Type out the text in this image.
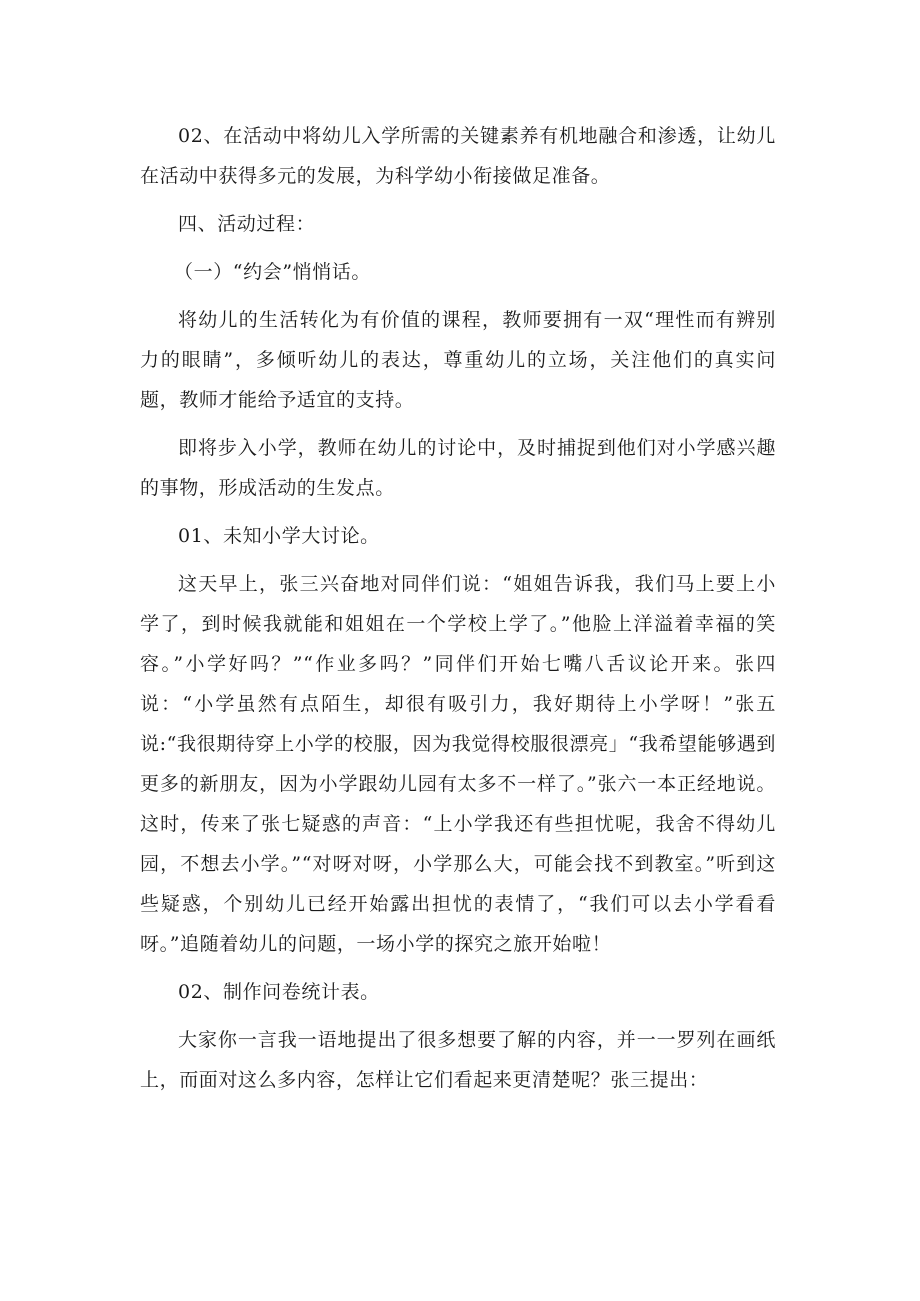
02、在活动中将幼儿入学所需的关键素养有机地融合和渗透，让幼儿在活动中获得多元的发展，为科学幼小衔接做足准备。

四、活动过程：

（一）“约会”悄悄话。

将幼儿的生活转化为有价值的课程，教师要拥有一双“理性而有辨别力的眼睛”，多倾听幼儿的表达，尊重幼儿的立场，关注他们的真实问题，教师才能给予适宜的支持。

即将步入小学，教师在幼儿的讨论中，及时捕捉到他们对小学感兴趣的事物，形成活动的生发点。

01、未知小学大讨论。

这天早上，张三兴奋地对同伴们说：“姐姐告诉我，我们马上要上小学了，到时候我就能和姐姐在一个学校上学了。”他脸上洋溢着幸福的笑容。”小学好吗？”“作业多吗？”同伴们开始七嘴八舌议论开来。张四说：“小学虽然有点陌生，却很有吸引力，我好期待上小学呀！”张五说:“我很期待穿上小学的校服，因为我觉得校服很漂亮」“我希望能够遇到更多的新朋友，因为小学跟幼儿园有太多不一样了。”张六一本正经地说。这时，传来了张七疑惑的声音：“上小学我还有些担忧呢，我舍不得幼儿园，不想去小学。”“对呀对呀，小学那么大，可能会找不到教室。”听到这些疑惑，个别幼儿已经开始露出担忧的表情了，“我们可以去小学看看呀。”追随着幼儿的问题，一场小学的探究之旅开始啦！

02、制作问卷统计表。

大家你一言我一语地提出了很多想要了解的内容，并一一罗列在画纸上，而面对这么多内容，怎样让它们看起来更清楚呢？张三提出：
